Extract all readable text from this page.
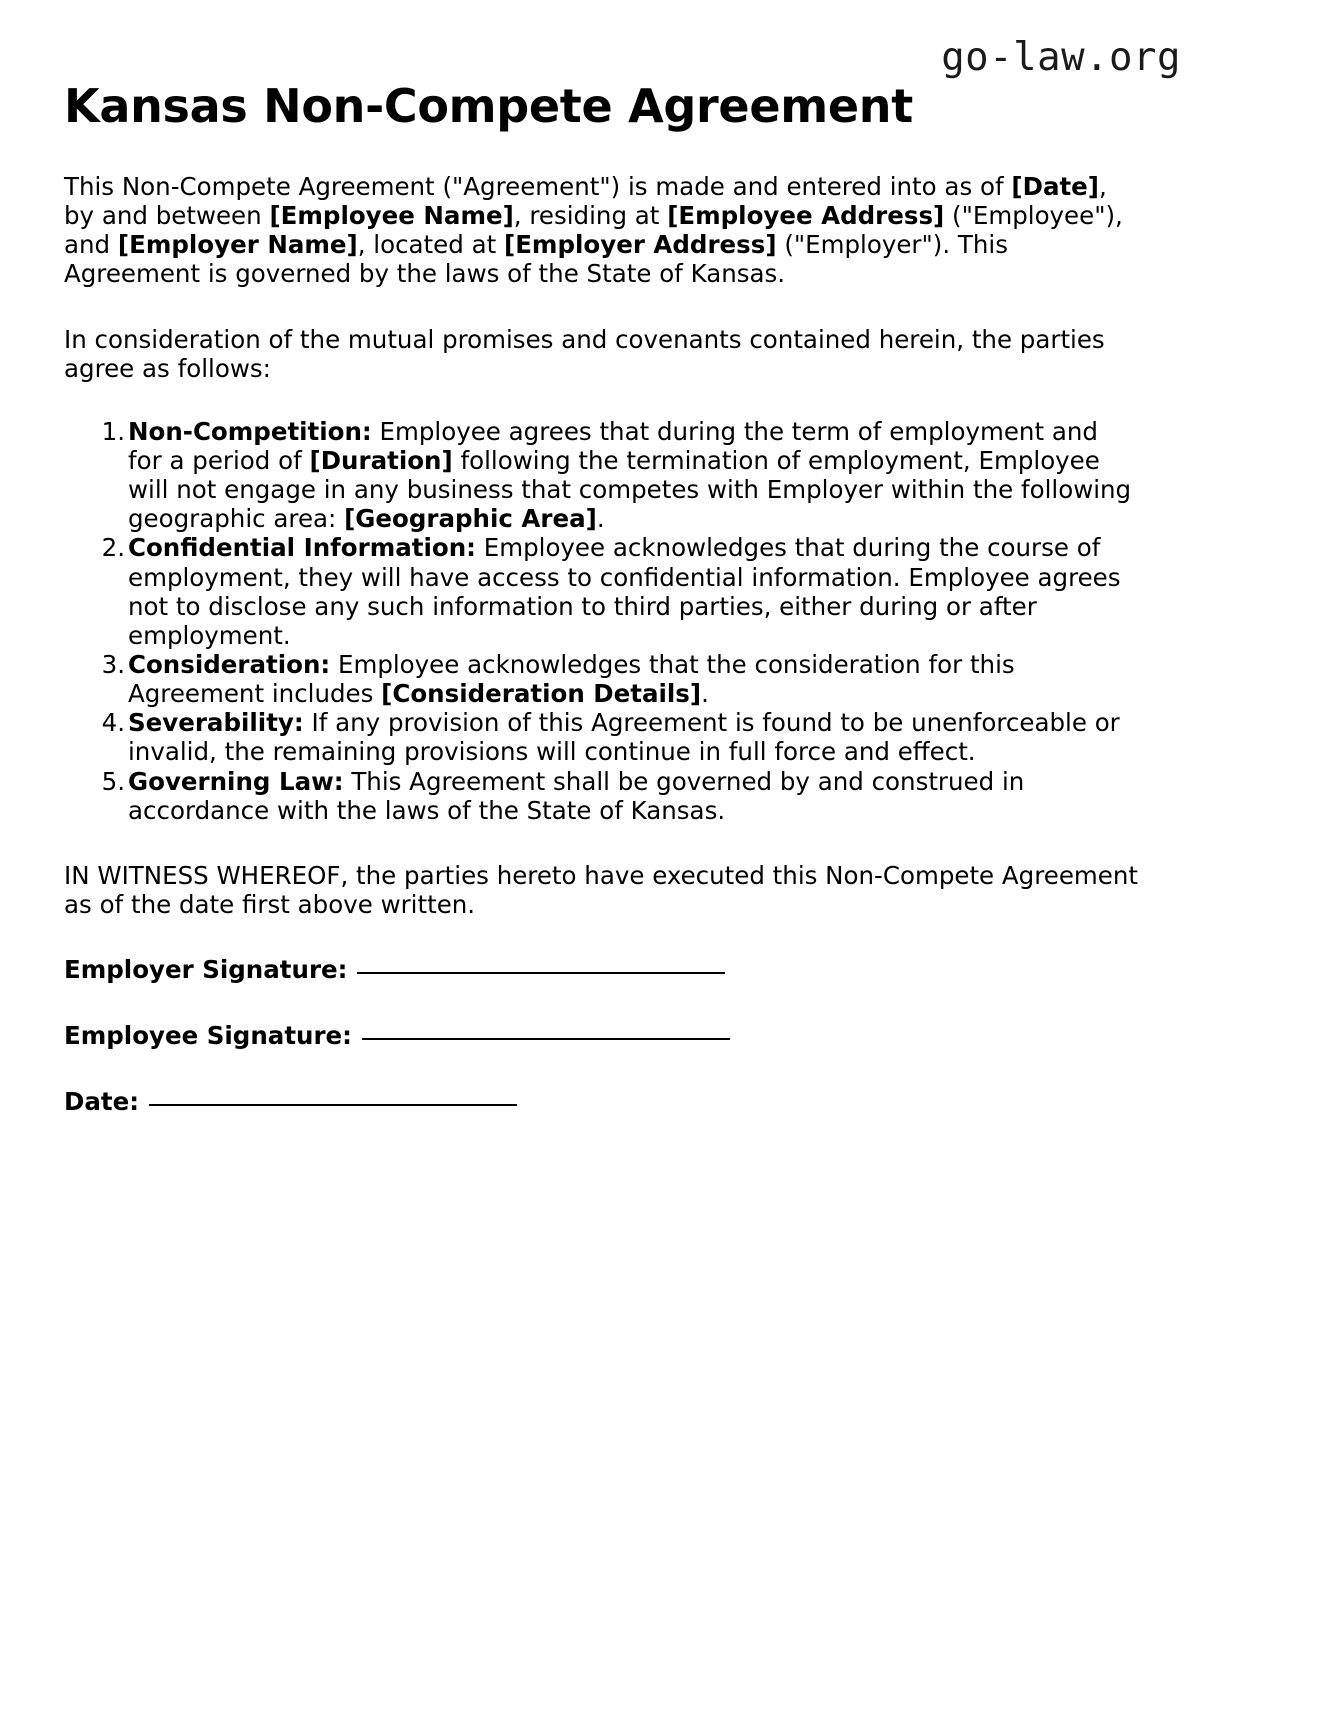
go-law.org
Kansas Non-Compete Agreement

This Non-Compete Agreement ("Agreement") is made and entered into as of [Date], by and between [Employee Name], residing at [Employee Address] ("Employee"), and [Employer Name], located at [Employer Address] ("Employer"). This Agreement is governed by the laws of the State of Kansas.

In consideration of the mutual promises and covenants contained herein, the parties agree as follows:

Non-Competition: Employee agrees that during the term of employment and for a period of [Duration] following the termination of employment, Employee will not engage in any business that competes with Employer within the following geographic area: [Geographic Area].
Confidential Information: Employee acknowledges that during the course of employment, they will have access to confidential information. Employee agrees not to disclose any such information to third parties, either during or after employment.
Consideration: Employee acknowledges that the consideration for this Agreement includes [Consideration Details].
Severability: If any provision of this Agreement is found to be unenforceable or invalid, the remaining provisions will continue in full force and effect.
Governing Law: This Agreement shall be governed by and construed in accordance with the laws of the State of Kansas.

IN WITNESS WHEREOF, the parties hereto have executed this Non-Compete Agreement as of the date first above written.

Employer Signature:
Employee Signature:
Date:
